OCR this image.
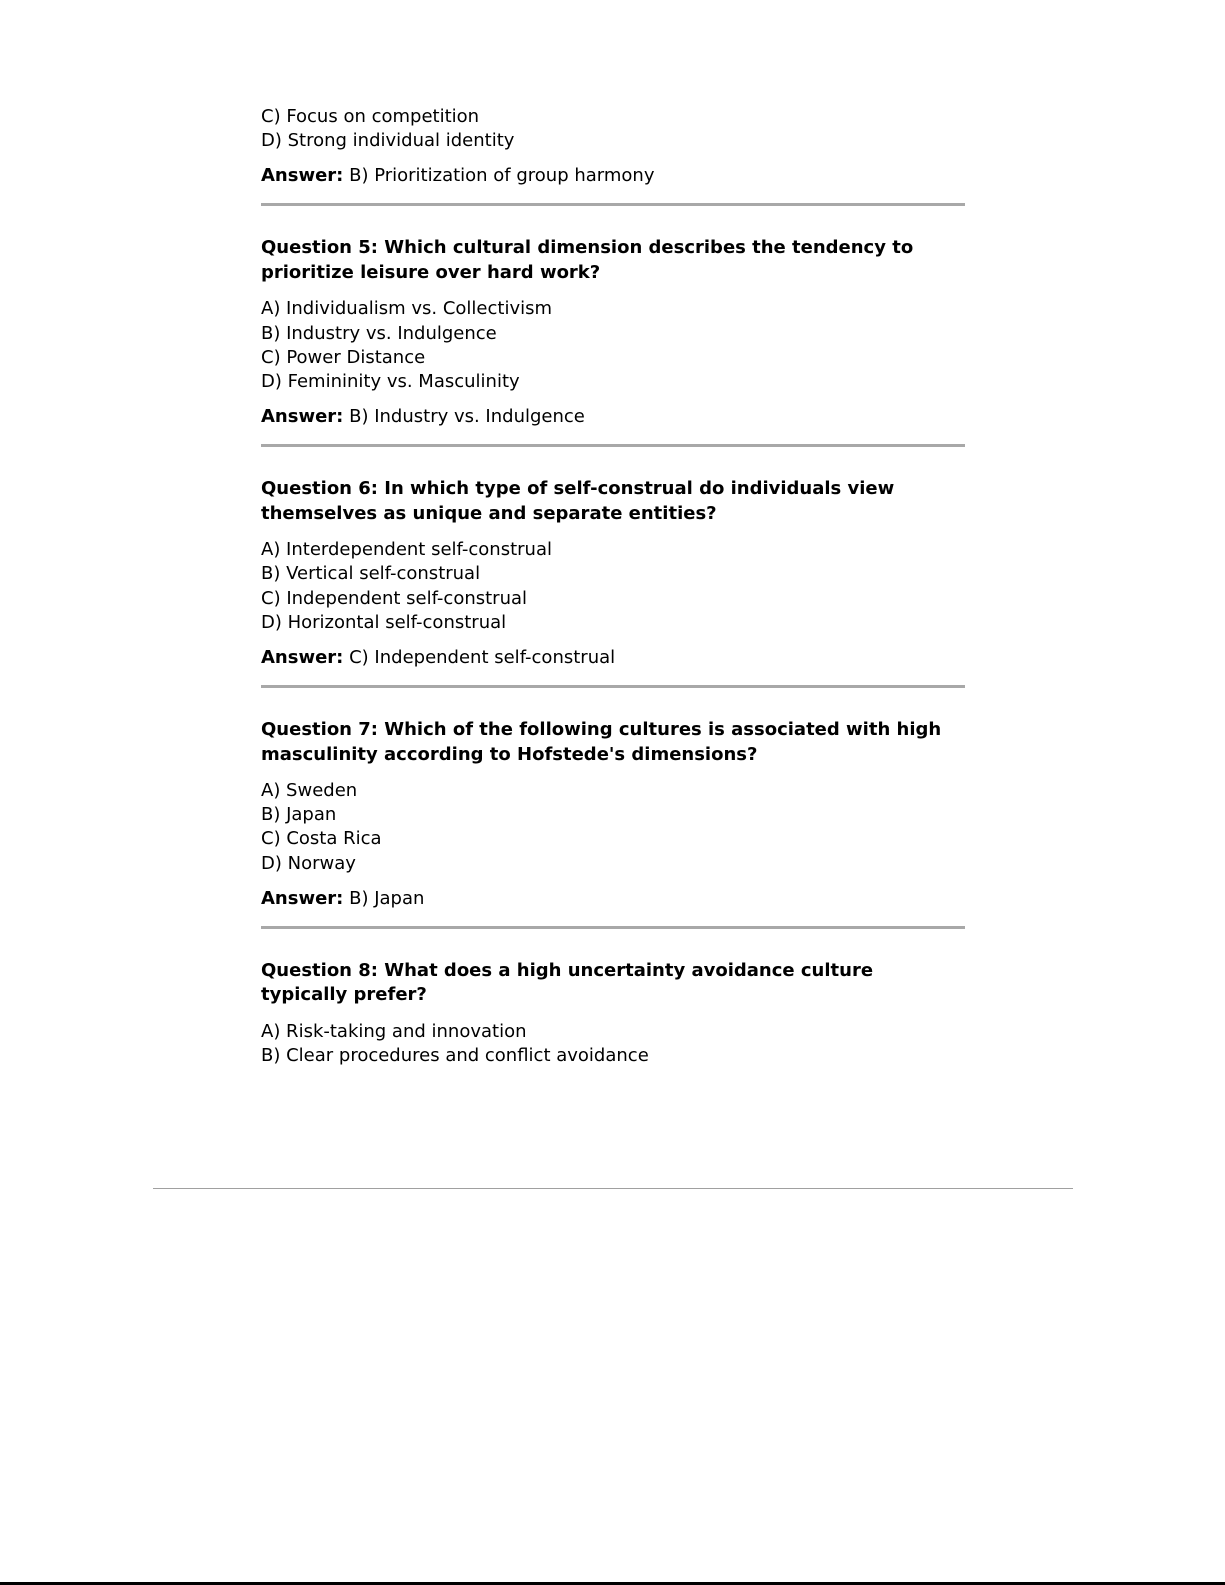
C) Focus on competition

D) Strong individual identity

Answer: B) Prioritization of group harmony

Question 5: Which cultural dimension describes the tendency to prioritize leisure over hard work?

A) Individualism vs. Collectivism

B) Industry vs. Indulgence

C) Power Distance

D) Femininity vs. Masculinity

Answer: B) Industry vs. Indulgence

Question 6: In which type of self-construal do individuals view themselves as unique and separate entities?

A) Interdependent self-construal

B) Vertical self-construal

C) Independent self-construal

D) Horizontal self-construal

Answer: C) Independent self-construal

Question 7: Which of the following cultures is associated with high masculinity according to Hofstede's dimensions?

A) Sweden

B) Japan

C) Costa Rica

D) Norway

Answer: B) Japan

Question 8: What does a high uncertainty avoidance culture typically prefer?

A) Risk-taking and innovation

B) Clear procedures and conflict avoidance
